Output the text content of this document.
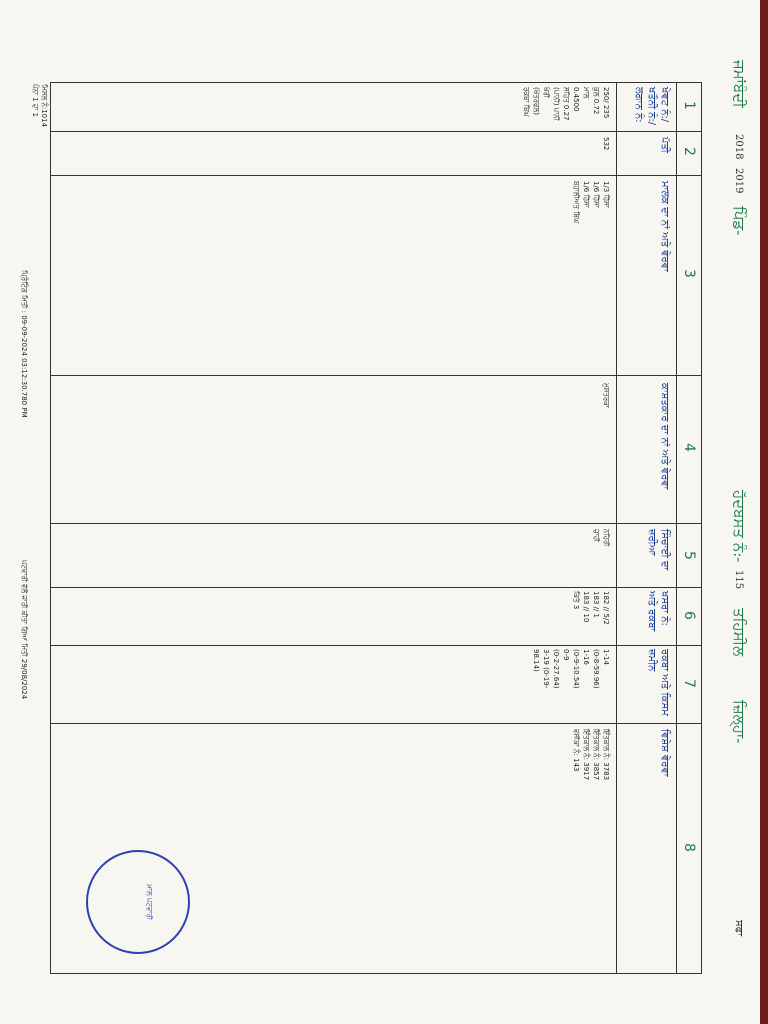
ਜਮਾਂਬੰਦੀ
2018
2019
ਪਿੰਡ-
ਹੱਦਬਸਤ ਨੰ:-
115
ਤਹਿਸੀਲ
ਜ਼ਿਲ੍ਹਾ-
ਸਫਾ
1
2
3
4
5
6
7
8
ਖੇਵਟ ਨੰ:/ ਖਤੌਨੀ ਨੰ:/ ਲਗਾਨ ਨੰ:
ਪੱਤੀ
ਮਾਲਕ ਦਾ ਨਾਂ ਅਤੇ ਵੇਰਵਾ
ਕਾਸ਼ਤਕਾਰ ਦਾ ਨਾਂ ਅਤੇ ਵੇਰਵਾ
ਸਿੰਚਾਈ ਦਾ ਜ਼ਰੀਆ
ਖਸਰਾ ਨੰ: ਅਤੇ ਰਕਬਾ
ਰਕਬਾ ਅਤੇ ਕਿਸਮ ਜ਼ਮੀਨ
ਵਿਸ਼ੇਸ਼ ਵੇਰਵਾ
250/ 235
ਕੁਲ 0.72
ਮਾਲ
0.4500
ਸਹਿਤ 0.27
(ਪਾਨੀ) ਪਾਨੀ
ਖੇਰੀ
(ਖੇਤਰਫਲ)
ਰਕਬਾ ਬਿਘ
532
1/3 ਹਿੱਸਾ
1/6 ਹਿੱਸਾ
1/6 ਹਿੱਸਾ
ਬਹਾਲੀਅਤ ਬਿਘ
ਮੁਸ਼ਤਰਕਾ
ਨਹਿਰੀ
ਚਾਹੀ
182 // 5/2
183 // 1
183 // 10
ਕਿਤੇ 3
1-14
(0-8-59.96)
1-16
(0-9-10.54)
0-9
(0-2-27.64)
3-19 (0-19-
98.14)
ਇੰਤਕਾਲ ਨੰ: 3783
ਇੰਤਕਾਲ ਨੰ: 3857
ਇੰਤਕਾਲ ਨੰ: 3917
ਵਸੀਕਾ ਨੰ: 143
ਮਿਸਲ ਨੰ:1014
ਪੰਨਾ 1 ਦਾ 1
ਪ੍ਰਿੰਟਿੰਗ ਮਿਤੀ : 09-09-2024 03:12:30.780 PM
ਪਟਵਾਰੀ ਵੱਲੋਂ ਜਾਰੀ ਕੀਤਾ ਗਿਆ ਮਿਤੀ 29/08/2024
ਮਾਲ ਪਟਵਾਰੀ
